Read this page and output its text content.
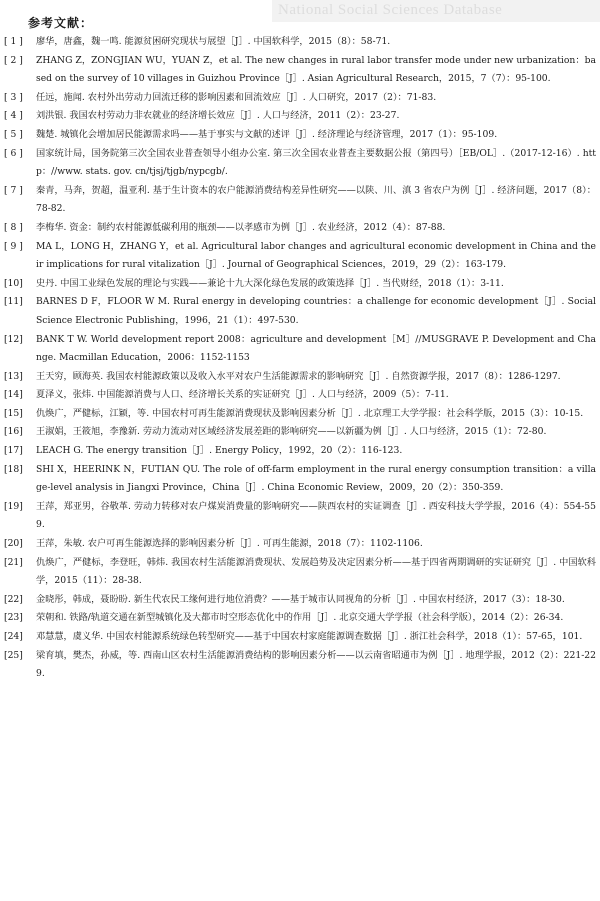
National Social Sciences Database
参考文献：
[ 1 ]	廖华，唐鑫，魏一鸣. 能源贫困研究现状与展望［J］. 中国软科学，2015（8）：58-71.
[ 2 ]	ZHANG Z，ZONGJIAN WU，YUAN Z，et al. The new changes in rural labor transfer mode under new urbanization：based on the survey of 10 villages in Guizhou Province［J］. Asian Agricultural Research，2015，7（7）：95-100.
[ 3 ]	任远，施闻. 农村外出劳动力回流迁移的影响因素和回流效应［J］. 人口研究，2017（2）：71-83.
[ 4 ]	刘洪银. 我国农村劳动力非农就业的经济增长效应［J］. 人口与经济，2011（2）：23-27.
[ 5 ]	魏楚. 城镇化会增加居民能源需求吗——基于事实与文献的述评［J］. 经济理论与经济管理，2017（1）：95-109.
[ 6 ]	国家统计局，国务院第三次全国农业普查领导小组办公室. 第三次全国农业普查主要数据公报（第四号）［EB/OL］.（2017-12-16）. http：//www. stats. gov. cn/tjsj/tjgb/nypcgb/.
[ 7 ]	秦青，马奔，贺超，温亚利. 基于生计资本的农户能源消费结构差异性研究——以陕、川、滇 3 省农户为例［J］. 经济问题，2017（8）：78-82.
[ 8 ]	李梅华. 资金：制约农村能源低碳利用的瓶颈——以孝感市为例［J］. 农业经济，2012（4）：87-88.
[ 9 ]	MA L，LONG H，ZHANG Y，et al. Agricultural labor changes and agricultural economic development in China and their implications for rural vitalization［J］. Journal of Geographical Sciences，2019，29（2）：163-179.
[10]	史丹. 中国工业绿色发展的理论与实践——兼论十九大深化绿色发展的政策选择［J］. 当代财经，2018（1）：3-11.
[11]	BARNES D F，FLOOR W M. Rural energy in developing countries：a challenge for economic development［J］. Social Science Electronic Publishing，1996，21（1）：497-530.
[12]	BANK T W. World development report 2008：agriculture and development［M］//MUSGRAVE P. Development and Change. Macmillan Education，2006：1152-1153
[13]	王天穷，顾海英. 我国农村能源政策以及收入水平对农户生活能源需求的影响研究［J］. 自然资源学报，2017（8）：1286-1297.
[14]	夏泽义，张炜. 中国能源消费与人口、经济增长关系的实证研究［J］. 人口与经济，2009（5）：7-11.
[15]	仇焕广，严健标，江颖，等. 中国农村可再生能源消费现状及影响因素分析［J］. 北京理工大学学报：社会科学版，2015（3）：10-15.
[16]	王淑娟，王筱旭，李豫新. 劳动力流动对区域经济发展差距的影响研究——以新疆为例［J］. 人口与经济，2015（1）：72-80.
[17]	LEACH G. The energy transition［J］. Energy Policy，1992，20（2）：116-123.
[18]	SHI X，HEERINK N，FUTIAN QU. The role of off-farm employment in the rural energy consumption transition：a village-level analysis in Jiangxi Province，China［J］. China Economic Review，2009，20（2）：350-359.
[19]	王萍，郑亚男，谷敬革. 劳动力转移对农户煤炭消费量的影响研究——陕西农村的实证调查［J］. 西安科技大学学报，2016（4）：554-559.
[20]	王萍，朱敏. 农户可再生能源选择的影响因素分析［J］. 可再生能源，2018（7）：1102-1106.
[21]	仇焕广，严健标，李登旺，韩炜. 我国农村生活能源消费现状、发展趋势及决定因素分析——基于四省两期调研的实证研究［J］. 中国软科学，2015（11）：28-38.
[22]	金晓彤，韩成，聂盼盼. 新生代农民工缘何进行地位消费？——基于城市认同视角的分析［J］. 中国农村经济，2017（3）：18-30.
[23]	荣朝和. 铁路/轨道交通在新型城镇化及大都市时空形态优化中的作用［J］. 北京交通大学学报（社会科学版），2014（2）：26-34.
[24]	邓慧慧，虞义华. 中国农村能源系统绿色转型研究——基于中国农村家庭能源调查数据［J］. 浙江社会科学，2018（1）：57-65，101.
[25]	梁育填，樊杰，孙威，等. 西南山区农村生活能源消费结构的影响因素分析——以云南省昭通市为例［J］. 地理学报，2012（2）：221-229.
